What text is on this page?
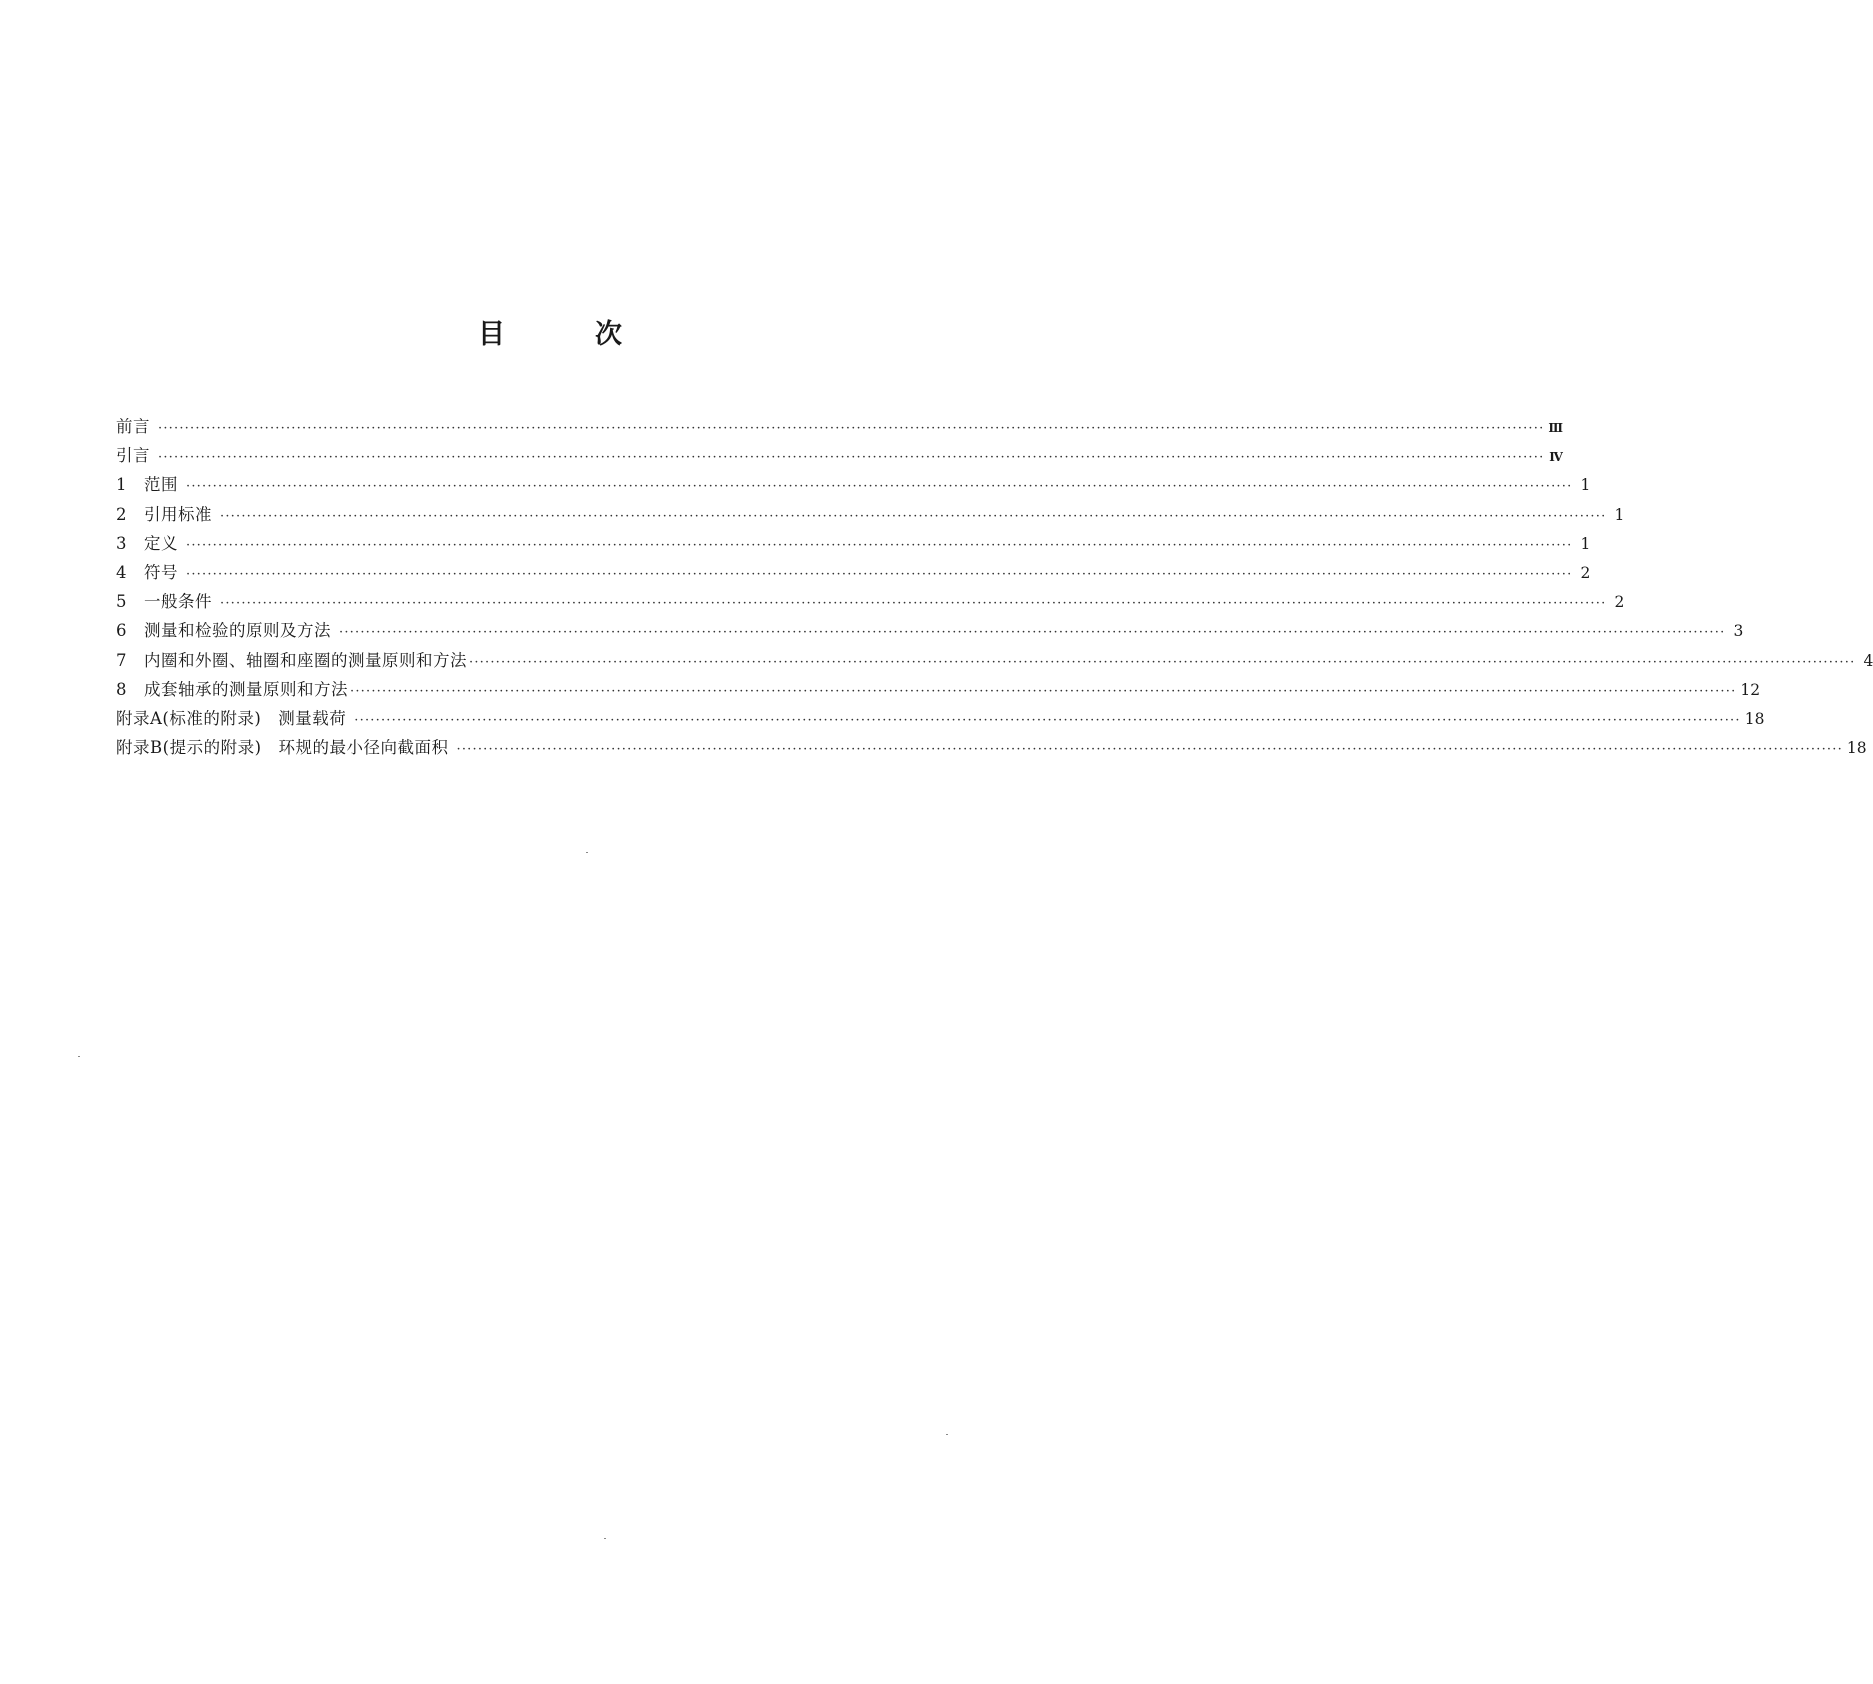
目	次
前言 ···································································································································································································································································· Ⅲ
引言 ···································································································································································································································································· Ⅳ
1	范围 ···································································································································································································································································· 1
2	引用标准 ···································································································································································································································································· 1
3	定义 ···································································································································································································································································· 1
4	符号 ···································································································································································································································································· 2
5	一般条件 ···································································································································································································································································· 2
6	测量和检验的原则及方法 ···································································································································································································································································· 3
7	内圈和外圈、轴圈和座圈的测量原则和方法 ···································································································································································································································································· 4
8	成套轴承的测量原则和方法 ···································································································································································································································································· 12
附录A(标准的附录)　测量载荷 ···································································································································································································································································· 18
附录B(提示的附录)　环规的最小径向截面积 ···································································································································································································································································· 18
